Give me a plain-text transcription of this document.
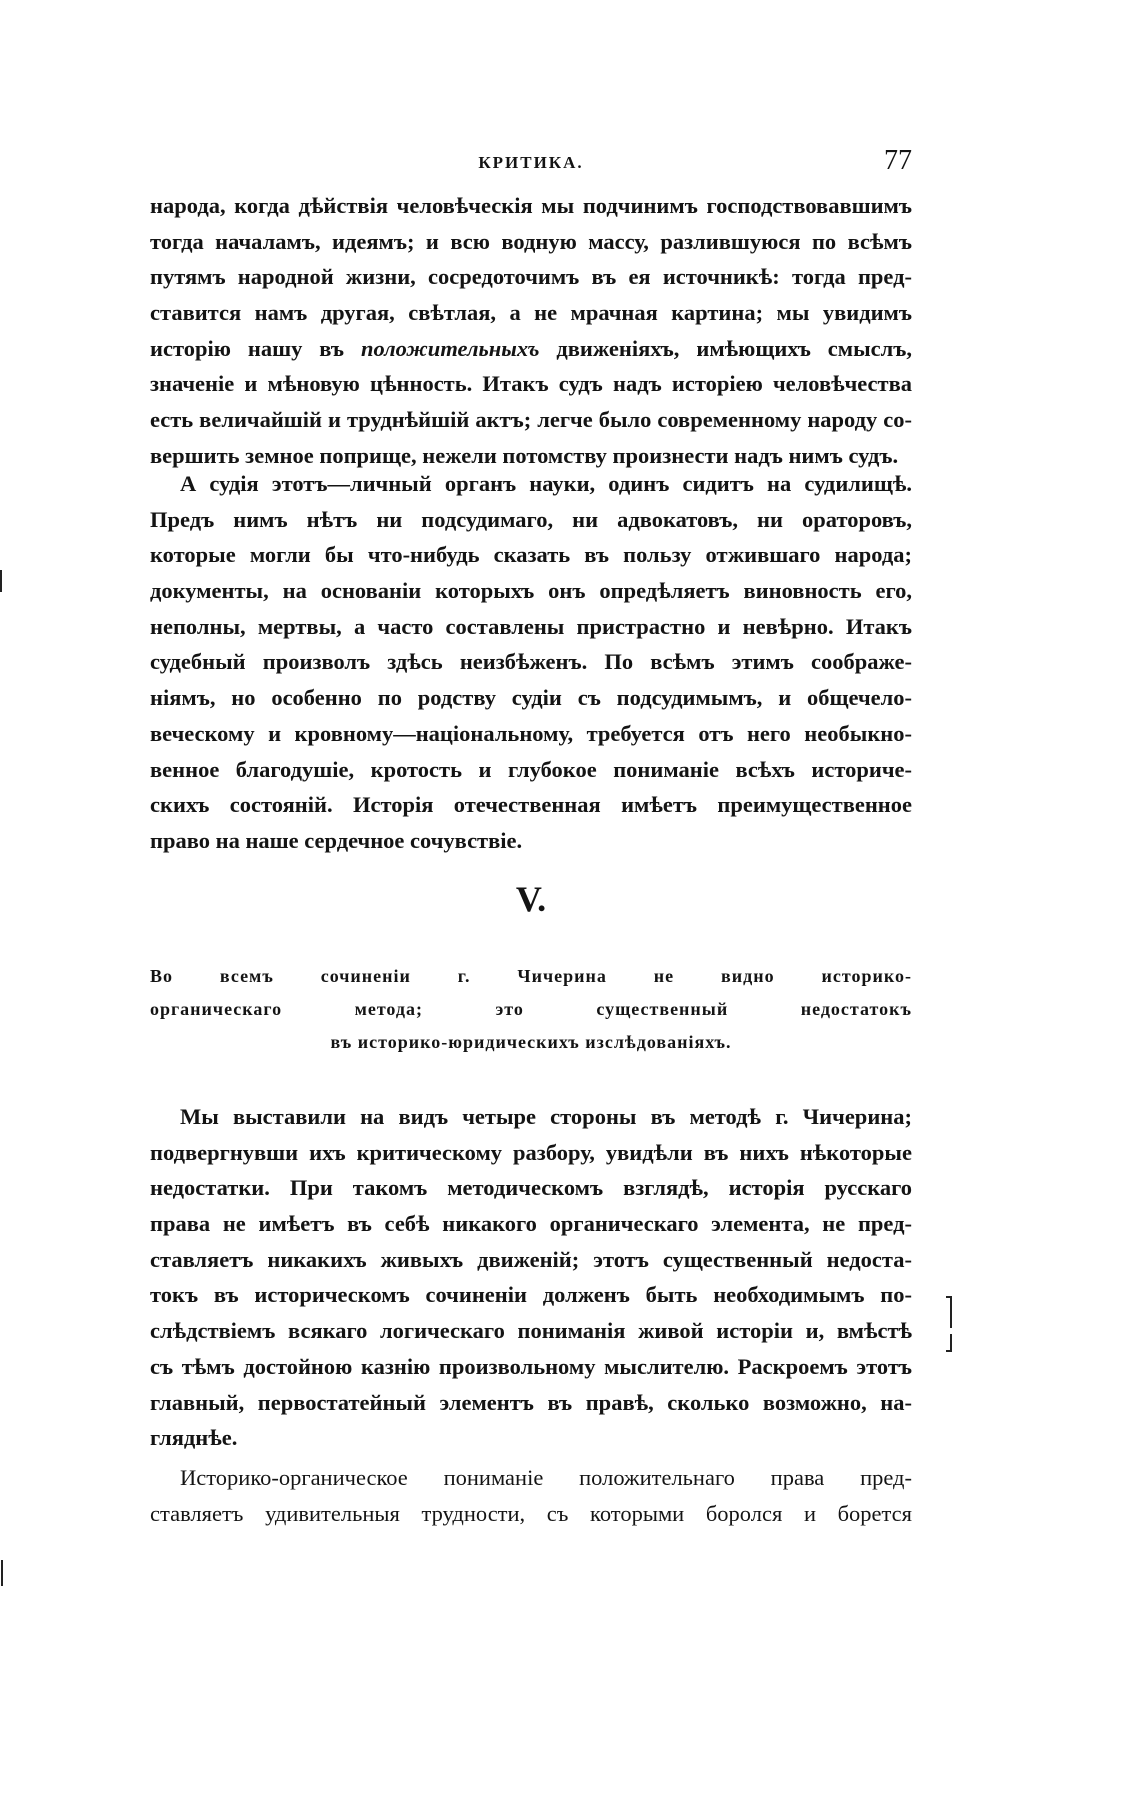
КРИТИКА.	77
народа, когда дѣйствія человѣческія мы подчинимъ господствовавшимъ
тогда началамъ, идеямъ; и всю водную массу, разлившуюся по всѣмъ
путямъ народной жизни, сосредоточимъ въ ея источникѣ: тогда пред-
ставится намъ другая, свѣтлая, а не мрачная картина; мы увидимъ
исторію нашу въ положительныхъ движеніяхъ, имѣющихъ смыслъ,
значеніе и мѣновую цѣнность. Итакъ судъ надъ исторіею человѣчества
есть величайшій и труднѣйшій актъ; легче было современному народу со-
вершить земное поприще, нежели потомству произнести надъ нимъ судъ.
А судія этотъ—личный органъ науки, одинъ сидитъ на судилищѣ.
Предъ нимъ нѣтъ ни подсудимаго, ни адвокатовъ, ни ораторовъ,
которые могли бы что-нибудь сказать въ пользу отжившаго народа;
документы, на основаніи которыхъ онъ опредѣляетъ виновность его,
неполны, мертвы, а часто составлены пристрастно и невѣрно. Итакъ
судебный произволъ здѣсь неизбѣженъ. По всѣмъ этимъ соображе-
ніямъ, но особенно по родству судіи съ подсудимымъ, и общечело-
веческому и кровному—національному, требуется отъ него необыкно-
венное благодушіе, кротость и глубокое пониманіе всѣхъ историче-
скихъ состояній. Исторія отечественная имѣетъ преимущественное
право на наше сердечное сочувствіе.
V.
Во всемъ сочиненіи г. Чичерина не видно историко-
органическаго метода; это существенный недостатокъ
въ историко-юридическихъ изслѣдованіяхъ.
Мы выставили на видъ четыре стороны въ методѣ г. Чичерина;
подвергнувши ихъ критическому разбору, увидѣли въ нихъ нѣкоторые
недостатки. При такомъ методическомъ взглядѣ, исторія русскаго
права не имѣетъ въ себѣ никакого органическаго элемента, не пред-
ставляетъ никакихъ живыхъ движеній; этотъ существенный недоста-
токъ въ историческомъ сочиненіи долженъ быть необходимымъ по-
слѣдствіемъ всякаго логическаго пониманія живой исторіи и, вмѣстѣ
съ тѣмъ достойною казнію произвольному мыслителю. Раскроемъ этотъ
главный, первостатейный элементъ въ правѣ, сколько возможно, на-
гляднѣе.
Историко-органическое пониманіе положительнаго права пред-
ставляетъ удивительныя трудности, съ которыми боролся и борется
